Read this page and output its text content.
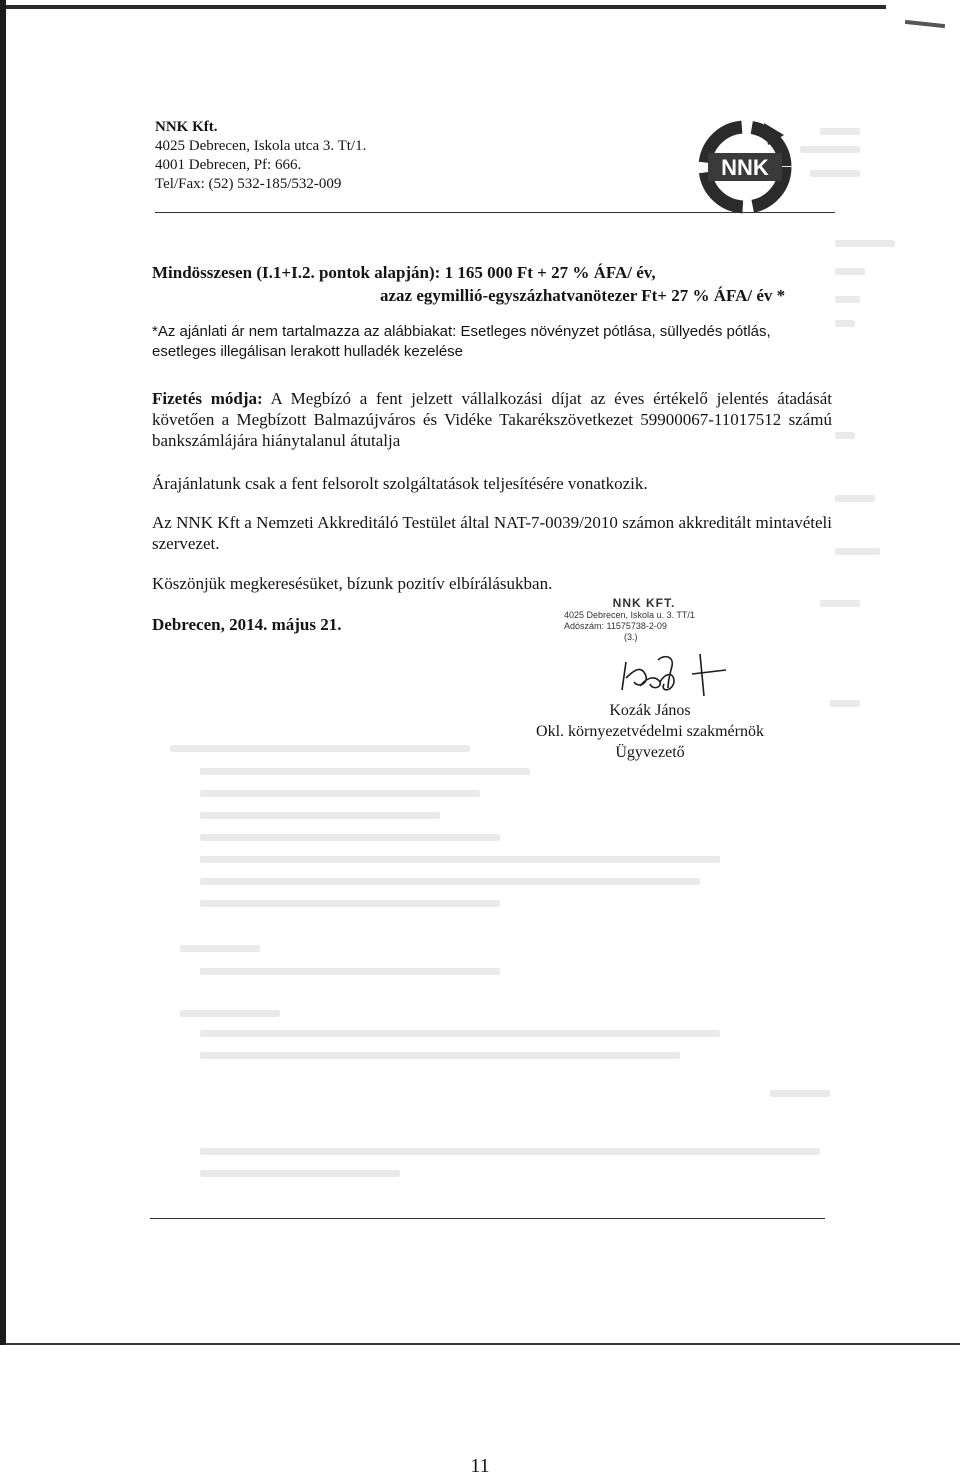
NNK Kft.
4025 Debrecen, Iskola utca 3. Tt/1.
4001 Debrecen, Pf: 666.
Tel/Fax: (52) 532-185/532-009
NNK
Mindösszesen (I.1+I.2. pontok alapján): 1 165 000 Ft + 27 % ÁFA/ év,
azaz egymillió-egyszázhatvanötezer Ft+ 27 % ÁFA/ év *
*Az ajánlati ár nem tartalmazza az alábbiakat: Esetleges növényzet pótlása, süllyedés pótlás, esetleges illegálisan lerakott hulladék kezelése
Fizetés módja: A Megbízó a fent jelzett vállalkozási díjat az éves értékelő jelentés átadását követően a Megbízott Balmazújváros és Vidéke Takarékszövetkezet 59900067-11017512 számú bankszámlájára hiánytalanul átutalja
Árajánlatunk csak a fent felsorolt szolgáltatások teljesítésére vonatkozik.
Az NNK Kft a Nemzeti Akkreditáló Testület által NAT-7-0039/2010 számon akkreditált mintavételi szervezet.
Köszönjük megkeresésüket, bízunk pozitív elbírálásukban.
Debrecen, 2014. május 21.
NNK KFT.
4025 Debrecen, Iskola u. 3. TT/1
Adószám: 11575738-2-09
(3.)
Kozák János
Okl. környezetvédelmi szakmérnök
Ügyvezető
11
